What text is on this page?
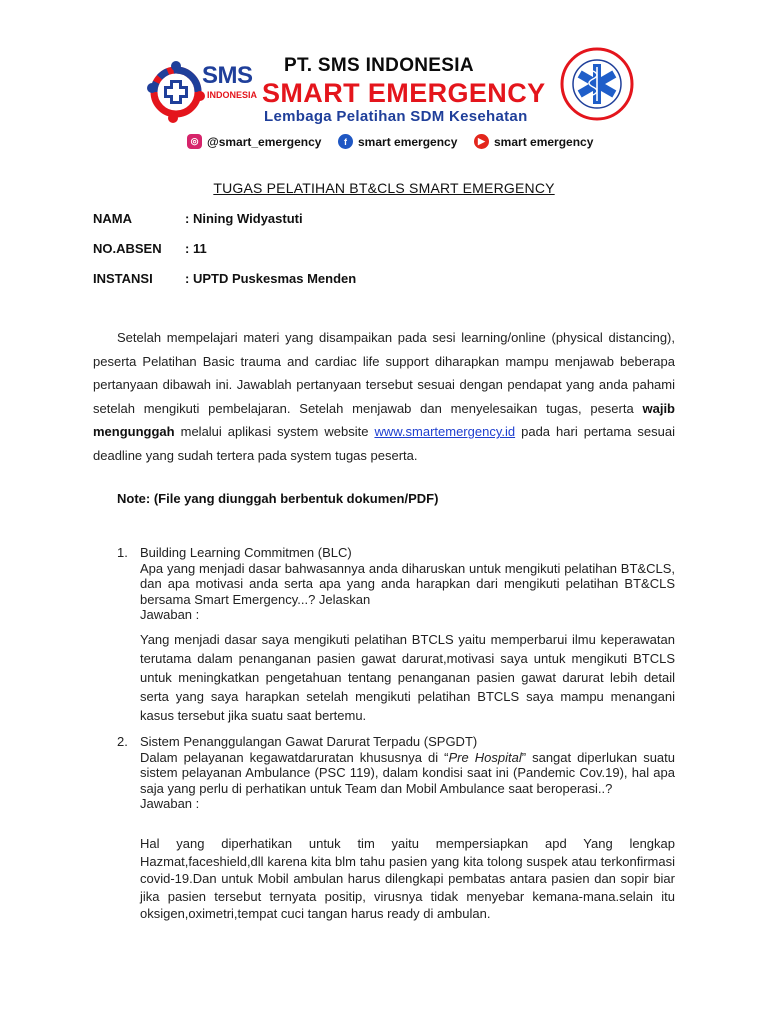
SMS
INDONESIA
PT. SMS INDONESIA
SMART EMERGENCY
Lembaga Pelatihan SDM Kesehatan
◎ @smart_emergency	f smart emergency	▶ smart emergency
TUGAS PELATIHAN BT&CLS SMART EMERGENCY
NAMA	: Nining Widyastuti
NO.ABSEN : 11
INSTANSI : UPTD Puskesmas Menden
Setelah mempelajari materi yang disampaikan pada sesi learning/online (physical distancing), peserta Pelatihan Basic trauma and cardiac life support diharapkan mampu menjawab beberapa pertanyaan dibawah ini. Jawablah pertanyaan tersebut sesuai dengan pendapat yang anda pahami setelah mengikuti pembelajaran. Setelah menjawab dan menyelesaikan tugas, peserta wajib mengunggah melalui aplikasi system website www.smartemergency.id pada hari pertama sesuai deadline yang sudah tertera pada system tugas peserta.
Note: (File yang diunggah berbentuk dokumen/PDF)
1. Building Learning Commitmen (BLC)

Apa yang menjadi dasar bahwasannya anda diharuskan untuk mengikuti pelatihan BT&CLS, dan apa motivasi anda serta apa yang anda harapkan dari mengikuti pelatihan BT&CLS bersama Smart Emergency...? Jelaskan

Jawaban :

Yang menjadi dasar saya mengikuti pelatihan BTCLS yaitu memperbarui ilmu keperawatan terutama dalam penanganan pasien gawat darurat,motivasi saya untuk mengikuti BTCLS untuk meningkatkan pengetahuan tentang penanganan pasien gawat darurat lebih detail serta yang saya harapkan setelah mengikuti pelatihan BTCLS saya mampu menangani kasus tersebut jika suatu saat bertemu.
2. Sistem Penanggulangan Gawat Darurat Terpadu (SPGDT)

Dalam pelayanan kegawatdaruratan khususnya di “Pre Hospital” sangat diperlukan suatu sistem pelayanan Ambulance (PSC 119), dalam kondisi saat ini (Pandemic Cov.19), hal apa saja yang perlu di perhatikan untuk Team dan Mobil Ambulance saat beroperasi..?

Jawaban :

Hal yang diperhatikan untuk tim yaitu mempersiapkan apd Yang lengkap Hazmat,faceshield,dll karena kita blm tahu pasien yang kita tolong suspek atau terkonfirmasi covid-19.Dan untuk Mobil ambulan harus dilengkapi pembatas antara pasien dan sopir biar jika pasien tersebut ternyata positip, virusnya tidak menyebar kemana-mana.selain itu oksigen,oximetri,tempat cuci tangan harus ready di ambulan.
